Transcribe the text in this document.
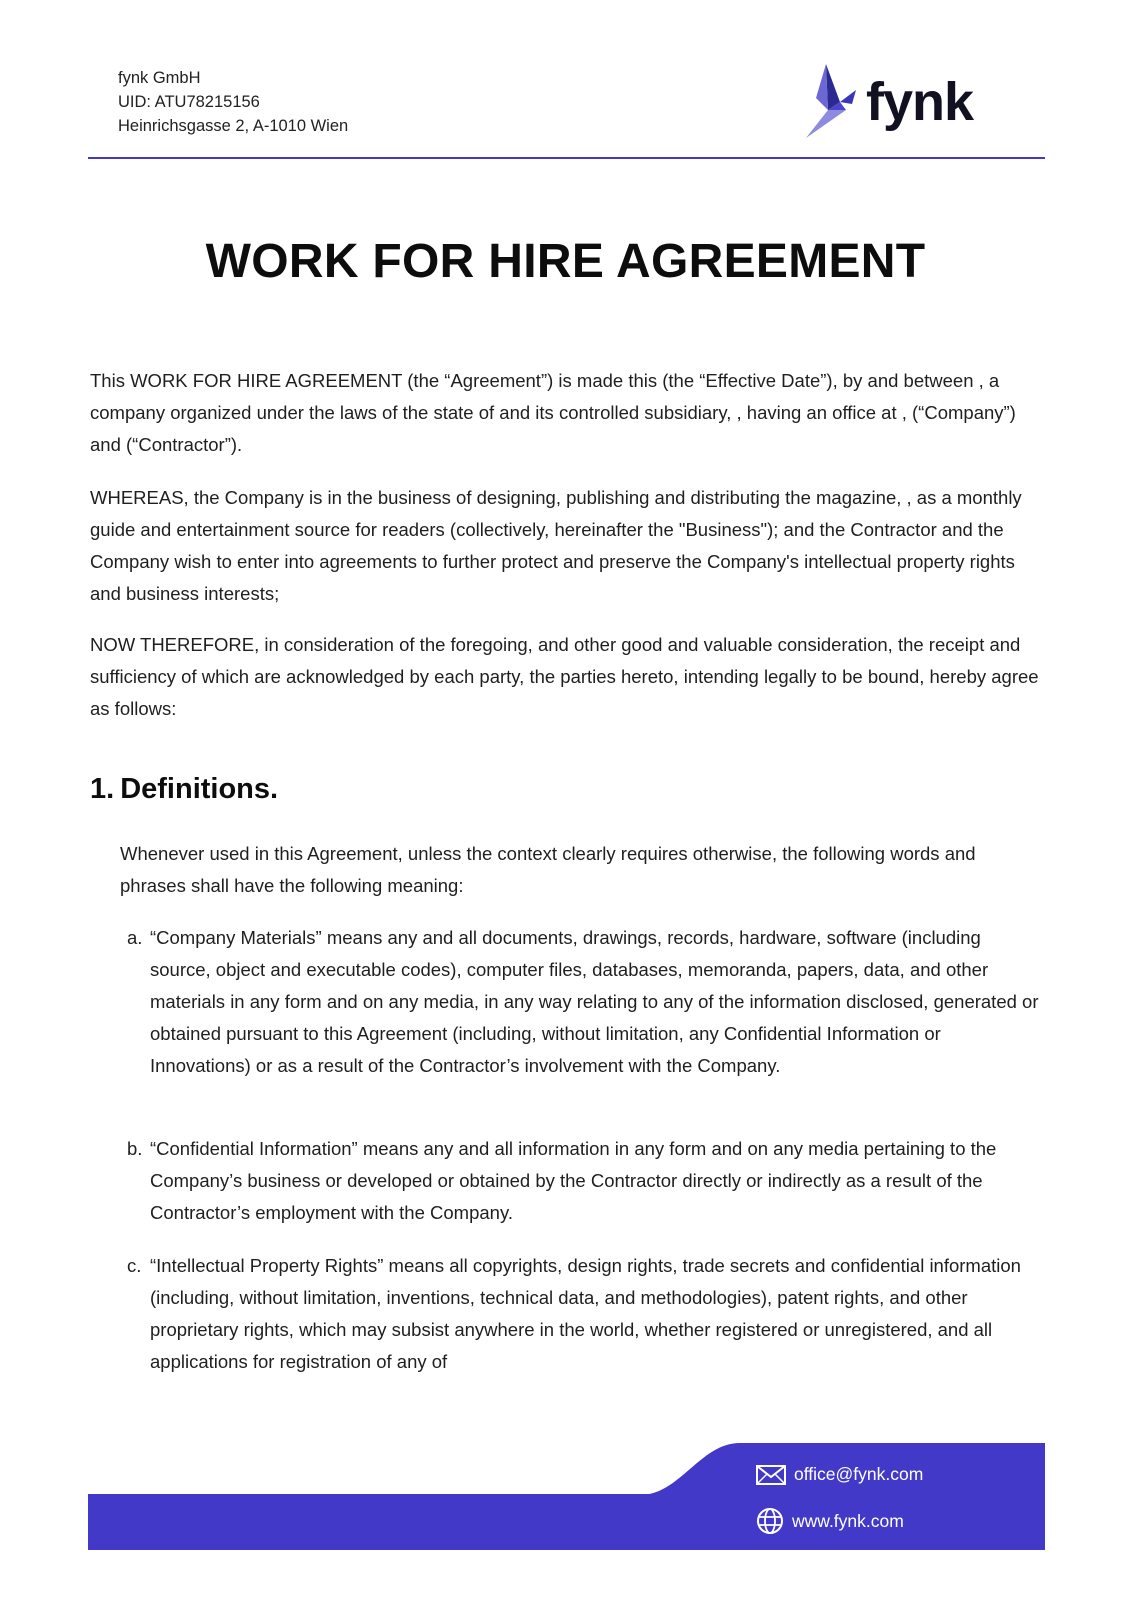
fynk GmbH
UID: ATU78215156
Heinrichsgasse 2, A-1010 Wien	fynk
WORK FOR HIRE AGREEMENT

This WORK FOR HIRE AGREEMENT (the “Agreement”) is made this (the “Effective Date”), by and between , a company organized under the laws of the state of and its controlled subsidiary, , having an office at , (“Company”) and (“Contractor”).

WHEREAS, the Company is in the business of designing, publishing and distributing the magazine, , as a monthly guide and entertainment source for readers (collectively, hereinafter the "Business"); and the Contractor and the Company wish to enter into agreements to further protect and preserve the Company's intellectual property rights and business interests;

NOW THEREFORE, in consideration of the foregoing, and other good and valuable consideration, the receipt and sufficiency of which are acknowledged by each party, the parties hereto, intending legally to be bound, hereby agree as follows:

1. Definitions.

Whenever used in this Agreement, unless the context clearly requires otherwise, the following words and phrases shall have the following meaning:

a. “Company Materials” means any and all documents, drawings, records, hardware, software (including source, object and executable codes), computer files, databases, memoranda, papers, data, and other materials in any form and on any media, in any way relating to any of the information disclosed, generated or obtained pursuant to this Agreement (including, without limitation, any Confidential Information or Innovations) or as a result of the Contractor’s involvement with the Company.
b. “Confidential Information” means any and all information in any form and on any media pertaining to the Company’s business or developed or obtained by the Contractor directly or indirectly as a result of the Contractor’s employment with the Company.
c. “Intellectual Property Rights” means all copyrights, design rights, trade secrets and confidential information (including, without limitation, inventions, technical data, and methodologies), patent rights, and other proprietary rights, which may subsist anywhere in the world, whether registered or unregistered, and all applications for registration of any of
office@fynk.com
www.fynk.com
